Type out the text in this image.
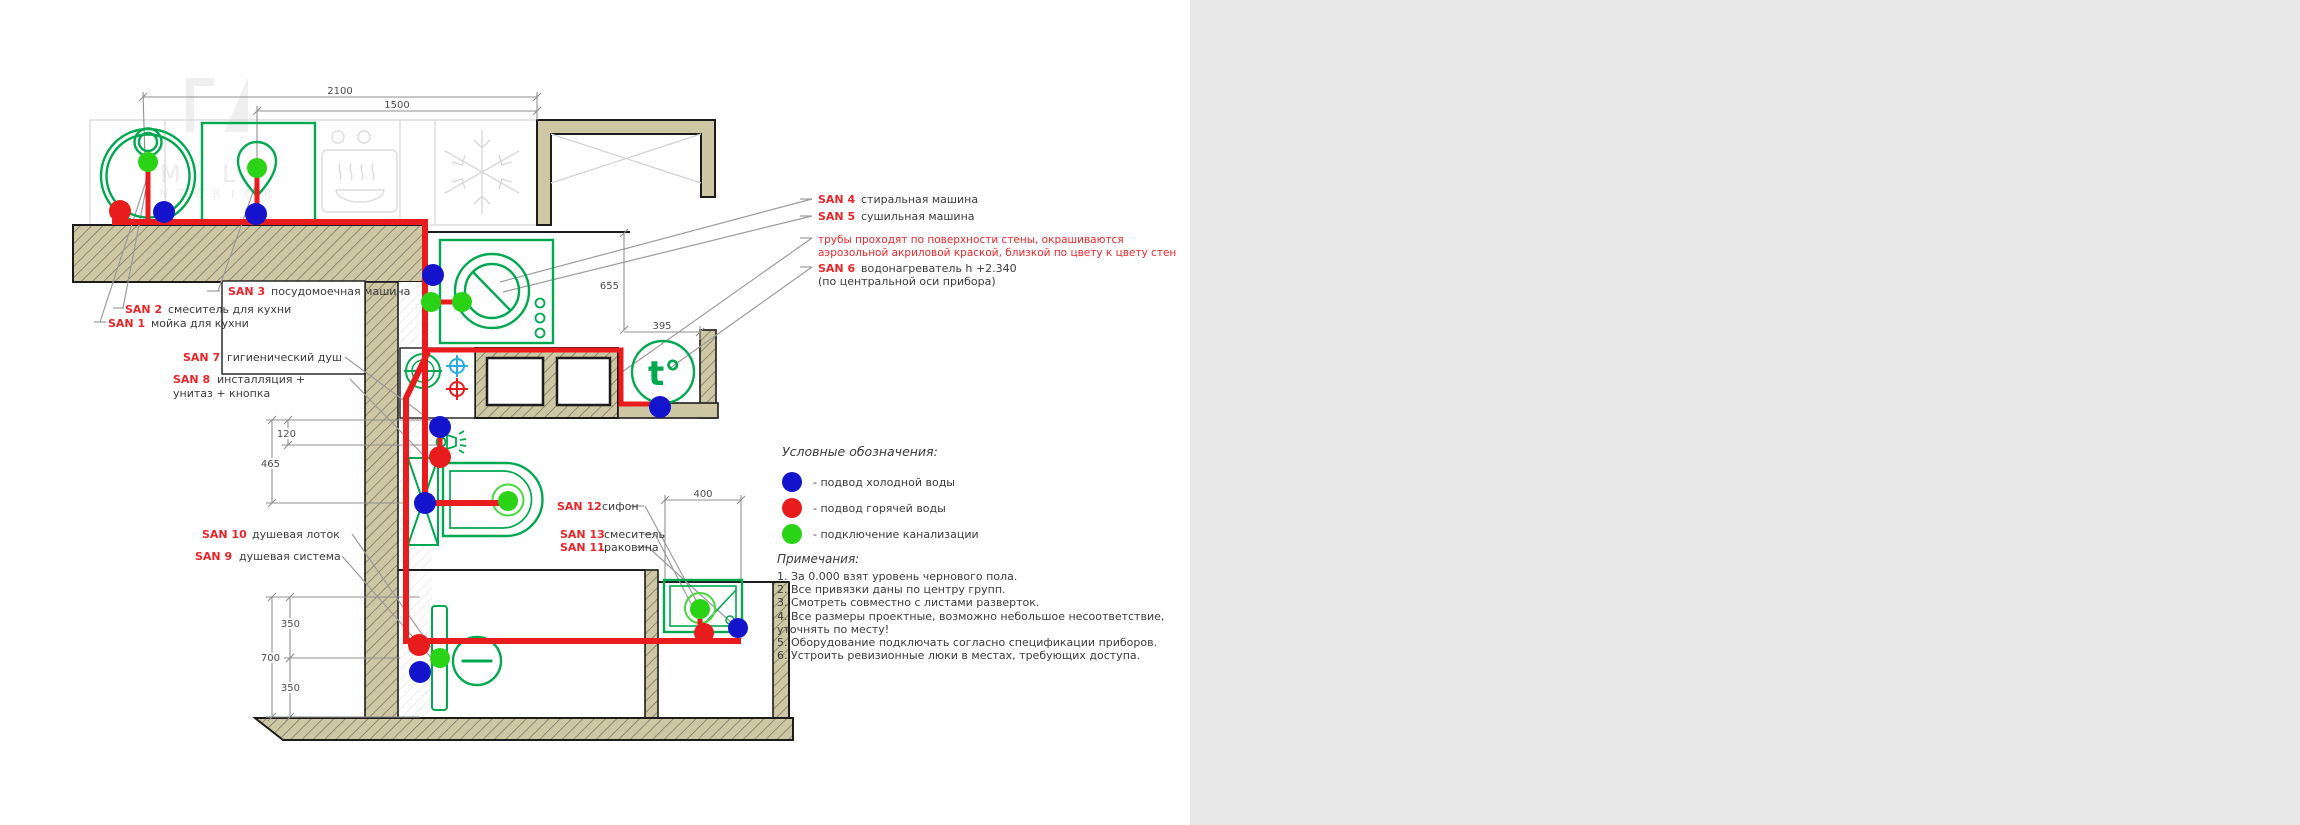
M L
I N T E R I O R
t°
2100
1500
655
395
120
465
400
350
700
350
SAN 2 смеситель для кухни
SAN 1 мойка для кухни
SAN 3 посудомоечная машина
SAN 4 стиральная машина
SAN 5 сушильная машина
трубы проходят по поверхности стены, окрашиваются
аэрозольной акриловой краской, близкой по цвету к цвету стен
SAN 6 водонагреватель h +2.340
(по центральной оси прибора)
SAN 7 гигиенический душ
SAN 8 инсталляция +
унитаз + кнопка
SAN 10 душевая лоток
SAN 9 душевая система
SAN 12 сифон
SAN 13 смеситель
SAN 11 раковина
Условные обозначения:
- подвод холодной воды
- подвод горячей воды
- подключение канализации
Примечания:
1. За 0.000 взят уровень чернового пола.
2. Все привязки даны по центру групп.
3. Смотреть совместно с листами разверток.
4. Все размеры проектные, возможно небольшое несоответствие,
уточнять по месту!
5. Оборудование подключать согласно спецификации приборов.
6. Устроить ревизионные люки в местах, требующих доступа.
